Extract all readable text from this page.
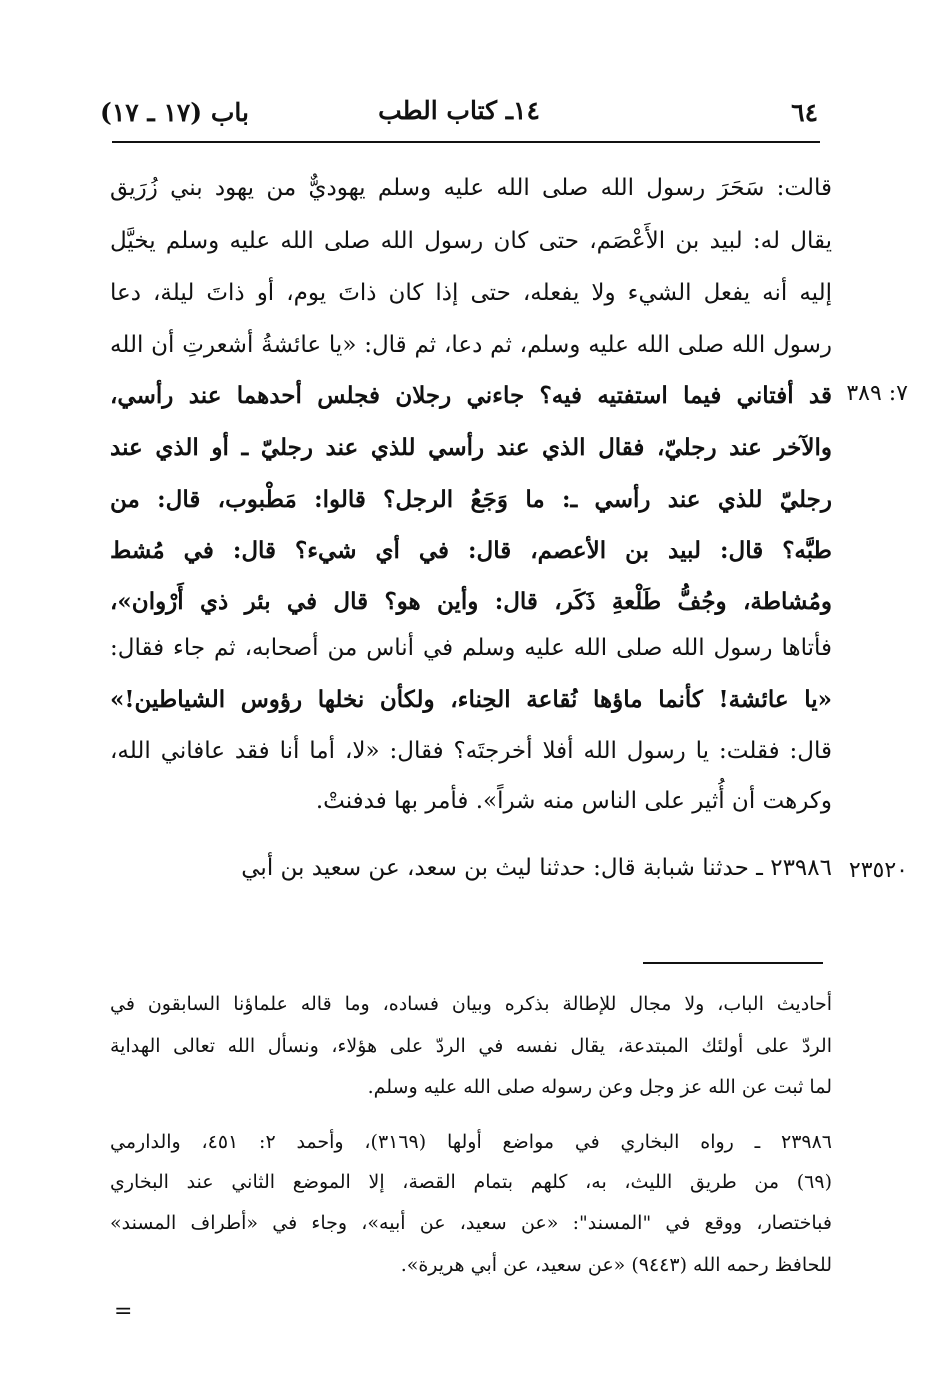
٦٤
١٤ـ كتاب الطب
باب (١٧ ـ ١٧)
قالت: سَحَرَ رسول الله صلى الله عليه وسلم يهوديٌّ من يهود بني زُرَيق
يقال له: لبيد بن الأَعْصَم، حتى كان رسول الله صلى الله عليه وسلم يخيَّل
إليه أنه يفعل الشيء ولا يفعله، حتى إذا كان ذاتَ يوم، أو ذاتَ ليلة، دعا
رسول الله صلى الله عليه وسلم، ثم دعا، ثم قال: «يا عائشةُ أشعرتِ أن الله
قد أفتاني فيما استفتيه فيه؟ جاءني رجلان فجلس أحدهما عند رأسي،
والآخر عند رجليّ، فقال الذي عند رأسي للذي عند رجليّ ـ أو الذي عند
رجليّ للذي عند رأسي ـ: ما وَجَعُ الرجل؟ قالوا: مَطْبوب، قال: من
طبَّه؟ قال: لبيد بن الأعصم، قال: في أي شيء؟ قال: في مُشط
ومُشاطة، وجُفُّ طَلْعةِ ذَكَر، قال: وأين هو؟ قال في بئر ذي أَرْوان»،
فأتاها رسول الله صلى الله عليه وسلم في أناس من أصحابه، ثم جاء فقال:
«يا عائشة! كأنما ماؤها نُقاعة الحِناء، ولكأن نخلها رؤوس الشياطين!»
قال: فقلت: يا رسول الله أفلا أخرجتَه؟ فقال: «لا، أما أنا فقد عافاني الله،
وكرهت أن أُثير على الناس منه شراً». فأمر بها فدفنتْ.
٧: ٣٨٩
٢٣٩٨٦ ـ حدثنا شبابة قال: حدثنا ليث بن سعد، عن سعيد بن أبي ٢٣٥٢٠
أحاديث الباب، ولا مجال للإطالة بذكره وبيان فساده، وما قاله علماؤنا السابقون في
الردّ على أولئك المبتدعة، يقال نفسه في الردّ على هؤلاء، ونسأل الله تعالى الهداية
لما ثبت عن الله عز وجل وعن رسوله صلى الله عليه وسلم.
٢٣٩٨٦ ـ رواه البخاري في مواضع أولها (٣١٦٩)، وأحمد ٢: ٤٥١، والدارمي
(٦٩) من طريق الليث، به، كلهم بتمام القصة، إلا الموضع الثاني عند البخاري
فباختصار، ووقع في "المسند": «عن سعيد، عن أبيه»، وجاء في «أطراف المسند»
للحافظ رحمه الله (٩٤٤٣) «عن سعيد، عن أبي هريرة».
=
